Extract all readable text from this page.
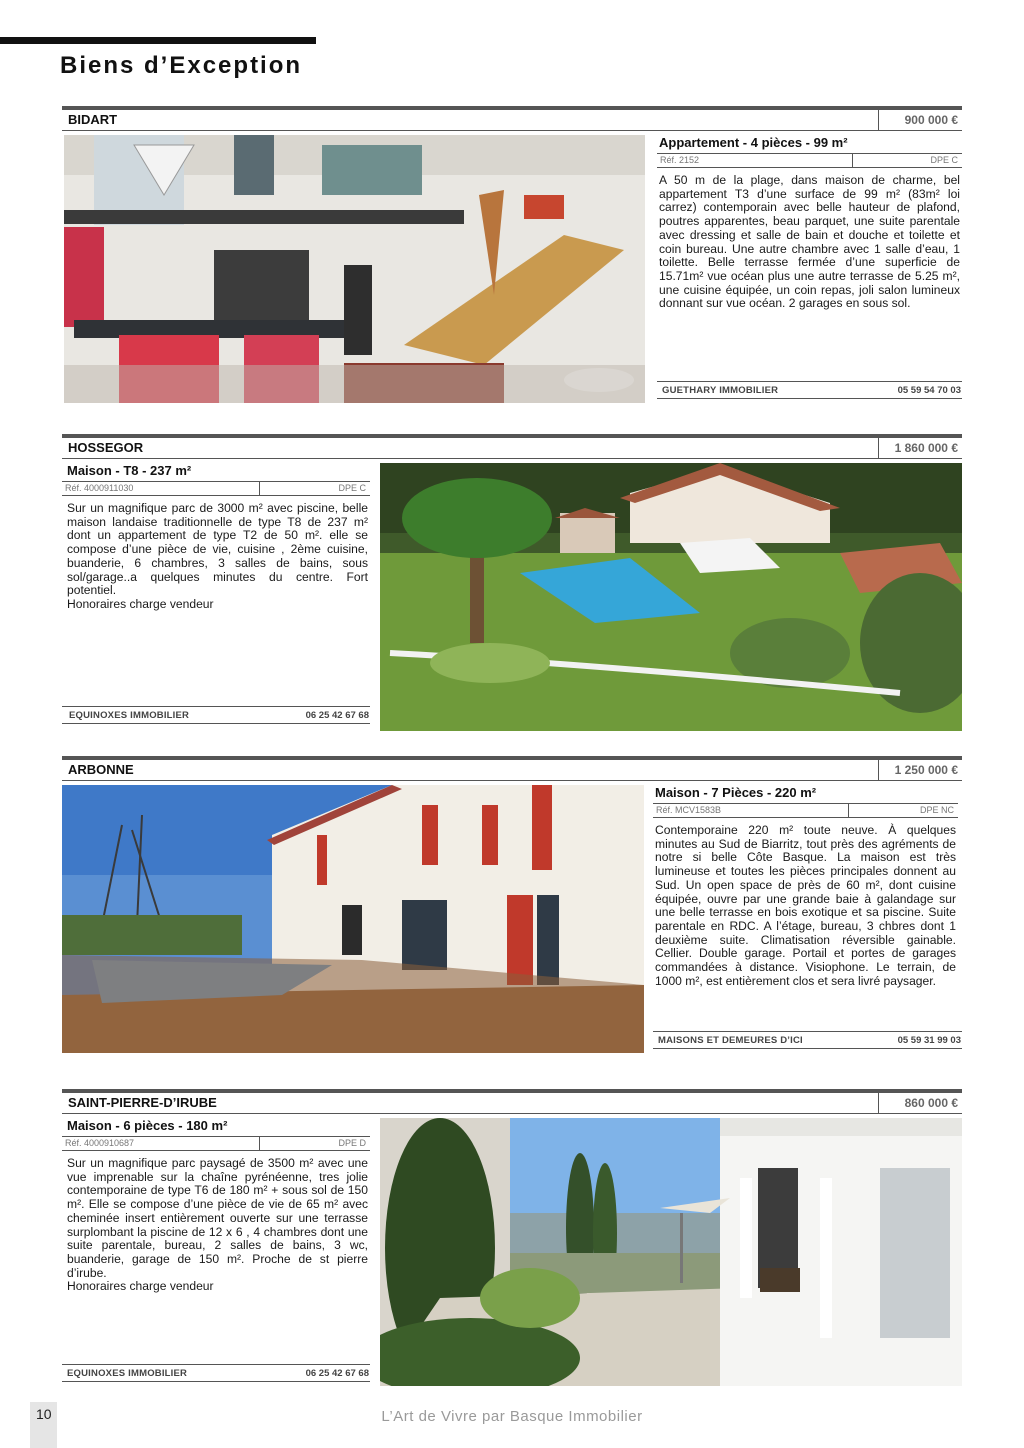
Biens d’Exception
BIDART	900 000 €
Appartement - 4 pièces - 99 m²
Réf. 2152	DPE C
A 50 m de la plage, dans maison de charme, bel appartement T3 d’une surface de 99 m² (83m² loi carrez) contemporain avec belle hauteur de plafond, poutres apparentes, beau parquet, une suite parentale avec dressing et salle de bain et douche et toilette et coin bureau. Une autre chambre avec 1 salle d’eau, 1 toilette. Belle terrasse fermée d’une superficie de 15.71m² vue océan plus une autre terrasse de 5.25 m², une cuisine équipée, un coin repas, joli salon lumineux donnant sur vue océan. 2 garages en sous sol.
GUETHARY IMMOBILIER	05 59 54 70 03
HOSSEGOR	1 860 000 €
Maison - T8 - 237 m²
Réf. 4000911030	DPE C
Sur un magnifique parc de 3000 m² avec piscine, belle maison landaise traditionnelle de type T8 de 237 m² dont un appartement de type T2 de 50 m². elle se compose d’une pièce de vie, cuisine , 2ème cuisine, buanderie, 6 chambres, 3 salles de bains, sous sol/garage..a quelques minutes du centre. Fort potentiel.
Honoraires charge vendeur
EQUINOXES IMMOBILIER	06 25 42 67 68
ARBONNE	1 250 000 €
Maison - 7 Pièces - 220 m²
Réf. MCV1583B	DPE NC
Contemporaine 220 m² toute neuve. À quelques minutes au Sud de Biarritz, tout près des agréments de notre si belle Côte Basque. La maison est très lumineuse et toutes les pièces principales donnent au Sud. Un open space de près de 60 m², dont cuisine équipée, ouvre par une grande baie à galandage sur une belle terrasse en bois exotique et sa piscine. Suite parentale en RDC. A l’étage, bureau, 3 chbres dont 1 deuxième suite. Climatisation réversible gainable. Cellier. Double garage. Portail et portes de garages commandées à distance. Visiophone. Le terrain, de 1000 m², est entièrement clos et sera livré paysager.
MAISONS ET DEMEURES D’ICI	05 59 31 99 03
SAINT-PIERRE-D’IRUBE	860 000 €
Maison - 6 pièces - 180 m²
Réf. 4000910687	DPE D
Sur un magnifique parc paysagé de 3500 m² avec une vue imprenable sur la chaîne pyrénéenne, tres jolie contemporaine de type T6 de 180 m² + sous sol de 150 m². Elle se compose d’une pièce de vie de 65 m² avec cheminée insert entièrement ouverte sur une terrasse surplombant la piscine de 12 x 6 , 4 chambres dont une suite parentale, bureau, 2 salles de bains, 3 wc, buanderie, garage de 150 m². Proche de st pierre d’irube.
Honoraires charge vendeur
EQUINOXES IMMOBILIER	06 25 42 67 68
10	L’Art de Vivre par Basque Immobilier
